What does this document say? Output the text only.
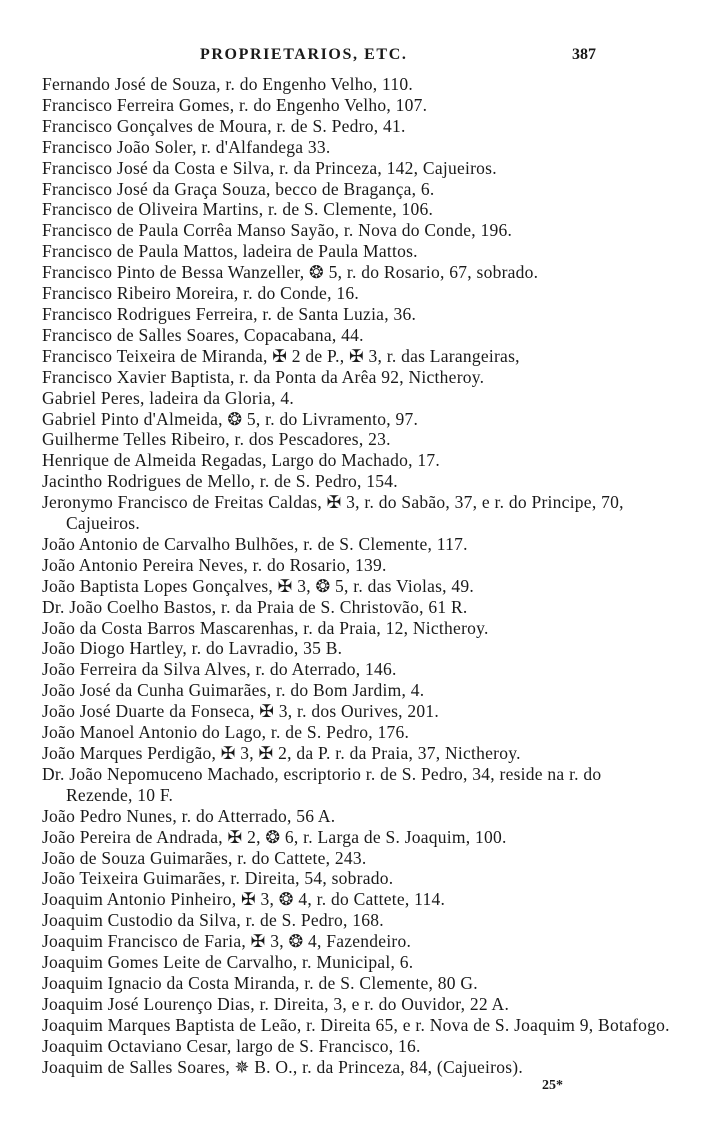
PROPRIETARIOS, ETC.	387
Fernando José de Souza, r. do Engenho Velho, 110.
Francisco Ferreira Gomes, r. do Engenho Velho, 107.
Francisco Gonçalves de Moura, r. de S. Pedro, 41.
Francisco João Soler, r. d'Alfandega 33.
Francisco José da Costa e Silva, r. da Princeza, 142, Cajueiros.
Francisco José da Graça Souza, becco de Bragança, 6.
Francisco de Oliveira Martins, r. de S. Clemente, 106.
Francisco de Paula Corrêa Manso Sayão, r. Nova do Conde, 196.
Francisco de Paula Mattos, ladeira de Paula Mattos.
Francisco Pinto de Bessa Wanzeller, ❂ 5, r. do Rosario, 67, sobrado.
Francisco Ribeiro Moreira, r. do Conde, 16.
Francisco Rodrigues Ferreira, r. de Santa Luzia, 36.
Francisco de Salles Soares, Copacabana, 44.
Francisco Teixeira de Miranda, ✠ 2 de P., ✠ 3, r. das Larangeiras,
Francisco Xavier Baptista, r. da Ponta da Arêa 92, Nictheroy.
Gabriel Peres, ladeira da Gloria, 4.
Gabriel Pinto d'Almeida, ❂ 5, r. do Livramento, 97.
Guilherme Telles Ribeiro, r. dos Pescadores, 23.
Henrique de Almeida Regadas, Largo do Machado, 17.
Jacintho Rodrigues de Mello, r. de S. Pedro, 154.
Jeronymo Francisco de Freitas Caldas, ✠ 3, r. do Sabão, 37, e r. do Principe, 70, Cajueiros.
João Antonio de Carvalho Bulhões, r. de S. Clemente, 117.
João Antonio Pereira Neves, r. do Rosario, 139.
João Baptista Lopes Gonçalves, ✠ 3, ❂ 5, r. das Violas, 49.
Dr. João Coelho Bastos, r. da Praia de S. Christovão, 61 R.
João da Costa Barros Mascarenhas, r. da Praia, 12, Nictheroy.
João Diogo Hartley, r. do Lavradio, 35 B.
João Ferreira da Silva Alves, r. do Aterrado, 146.
João José da Cunha Guimarães, r. do Bom Jardim, 4.
João José Duarte da Fonseca, ✠ 3, r. dos Ourives, 201.
João Manoel Antonio do Lago, r. de S. Pedro, 176.
João Marques Perdigão, ✠ 3, ✠ 2, da P. r. da Praia, 37, Nictheroy.
Dr. João Nepomuceno Machado, escriptorio r. de S. Pedro, 34, reside na r. do Rezende, 10 F.
João Pedro Nunes, r. do Atterrado, 56 A.
João Pereira de Andrada, ✠ 2, ❂ 6, r. Larga de S. Joaquim, 100.
João de Souza Guimarães, r. do Cattete, 243.
João Teixeira Guimarães, r. Direita, 54, sobrado.
Joaquim Antonio Pinheiro, ✠ 3, ❂ 4, r. do Cattete, 114.
Joaquim Custodio da Silva, r. de S. Pedro, 168.
Joaquim Francisco de Faria, ✠ 3, ❂ 4, Fazendeiro.
Joaquim Gomes Leite de Carvalho, r. Municipal, 6.
Joaquim Ignacio da Costa Miranda, r. de S. Clemente, 80 G.
Joaquim José Lourenço Dias, r. Direita, 3, e r. do Ouvidor, 22 A.
Joaquim Marques Baptista de Leão, r. Direita 65, e r. Nova de S. Joaquim 9, Botafogo.
Joaquim Octaviano Cesar, largo de S. Francisco, 16.
Joaquim de Salles Soares, ✵ B. O., r. da Princeza, 84, (Cajueiros).
25*
